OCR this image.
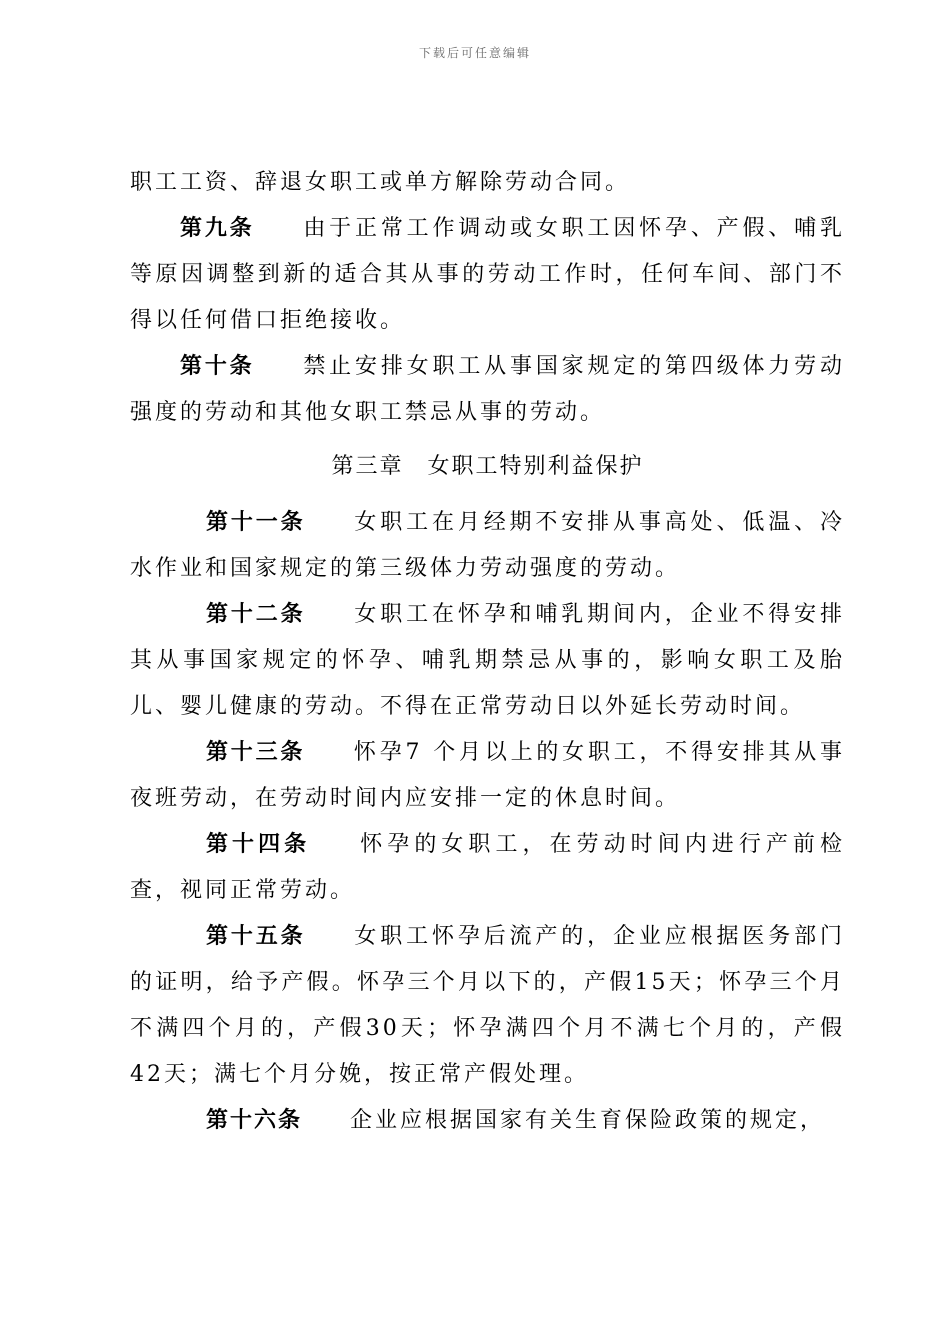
下载后可任意编辑

职工工资、辞退女职工或单方解除劳动合同。

第九条 由于正常工作调动或女职工因怀孕、产假、哺乳等原因调整到新的适合其从事的劳动工作时，任何车间、部门不得以任何借口拒绝接收。

第十条 禁止安排女职工从事国家规定的第四级体力劳动强度的劳动和其他女职工禁忌从事的劳动。

第三章　女职工特别利益保护

第十一条 女职工在月经期不安排从事高处、低温、冷水作业和国家规定的第三级体力劳动强度的劳动。

第十二条 女职工在怀孕和哺乳期间内，企业不得安排其从事国家规定的怀孕、哺乳期禁忌从事的，影响女职工及胎儿、婴儿健康的劳动。不得在正常劳动日以外延长劳动时间。

第十三条 怀孕7 个月以上的女职工，不得安排其从事夜班劳动，在劳动时间内应安排一定的休息时间。

第十四条 怀孕的女职工，在劳动时间内进行产前检查，视同正常劳动。

第十五条 女职工怀孕后流产的，企业应根据医务部门的证明，给予产假。怀孕三个月以下的，产假15天；怀孕三个月不满四个月的，产假30天；怀孕满四个月不满七个月的，产假42天；满七个月分娩，按正常产假处理。

第十六条 企业应根据国家有关生育保险政策的规定，
